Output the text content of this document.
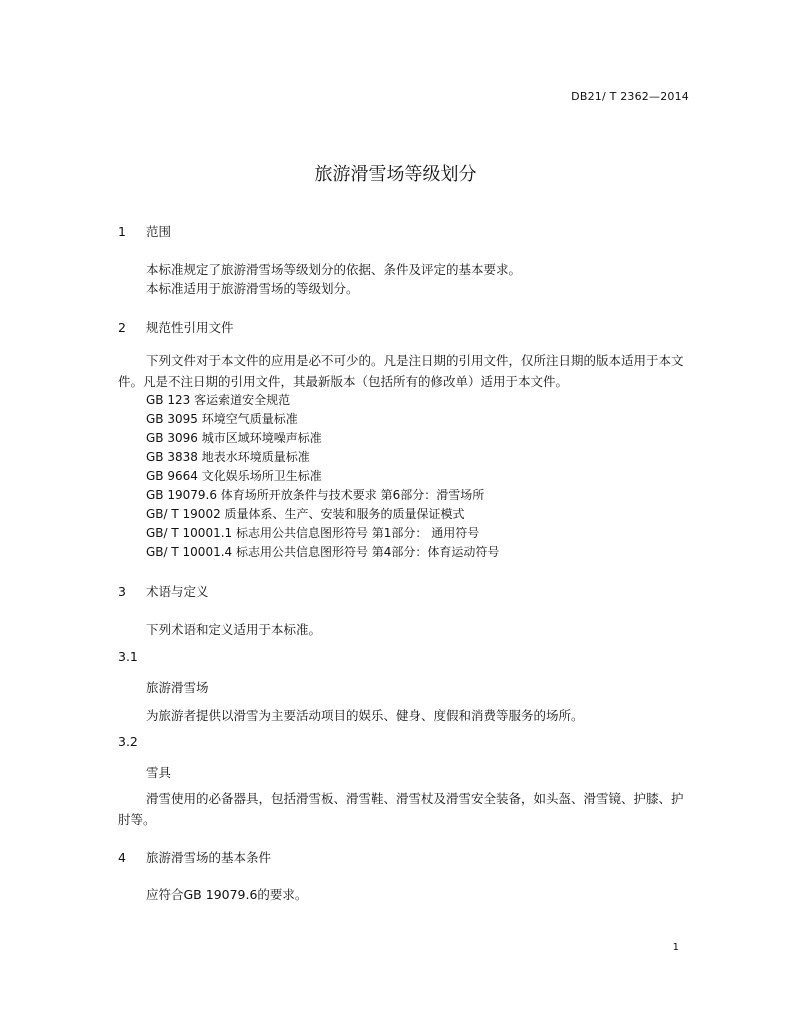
DB21/ T 2362—2014
旅游滑雪场等级划分
1 范围
本标准规定了旅游滑雪场等级划分的依据、条件及评定的基本要求。
本标准适用于旅游滑雪场的等级划分。
2 规范性引用文件
下列文件对于本文件的应用是必不可少的。凡是注日期的引用文件，仅所注日期的版本适用于本文件。凡是不注日期的引用文件，其最新版本（包括所有的修改单）适用于本文件。
GB 123 客运索道安全规范
GB 3095 环境空气质量标准
GB 3096 城市区域环境噪声标准
GB 3838 地表水环境质量标准
GB 9664 文化娱乐场所卫生标准
GB 19079.6 体育场所开放条件与技术要求 第6部分：滑雪场所
GB/ T 19002 质量体系、生产、安装和服务的质量保证模式
GB/ T 10001.1 标志用公共信息图形符号 第1部分： 通用符号
GB/ T 10001.4 标志用公共信息图形符号 第4部分：体育运动符号
3 术语与定义
下列术语和定义适用于本标准。
3.1
旅游滑雪场
为旅游者提供以滑雪为主要活动项目的娱乐、健身、度假和消费等服务的场所。
3.2
雪具
滑雪使用的必备器具，包括滑雪板、滑雪鞋、滑雪杖及滑雪安全装备，如头盔、滑雪镜、护膝、护肘等。
4 旅游滑雪场的基本条件
应符合GB 19079.6的要求。
1
